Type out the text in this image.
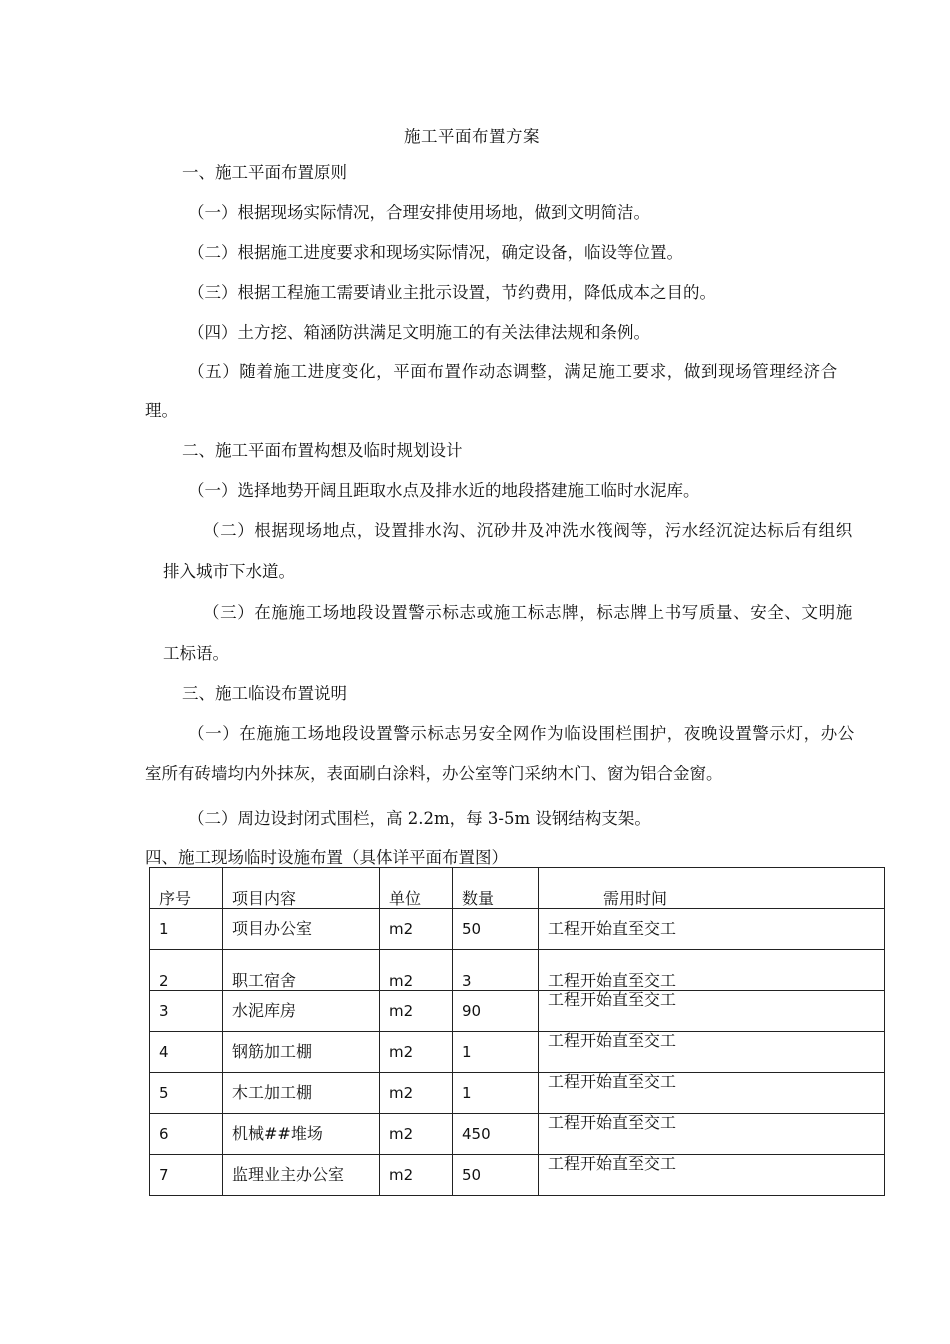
施工平面布置方案
一、施工平面布置原则
（一）根据现场实际情况，合理安排使用场地，做到文明简洁。
（二）根据施工进度要求和现场实际情况，确定设备，临设等位置。
（三）根据工程施工需要请业主批示设置，节约费用，降低成本之目的。
（四）土方挖、箱涵防洪满足文明施工的有关法律法规和条例。
（五）随着施工进度变化，平面布置作动态调整，满足施工要求，做到现场管理经济合
理。
二、施工平面布置构想及临时规划设计
（一）选择地势开阔且距取水点及排水近的地段搭建施工临时水泥库。
（二）根据现场地点，设置排水沟、沉砂井及冲洗水筏阀等，污水经沉淀达标后有组织
排入城市下水道。
（三）在施施工场地段设置警示标志或施工标志牌，标志牌上书写质量、安全、文明施
工标语。
三、施工临设布置说明
（一）在施施工场地段设置警示标志另安全网作为临设围栏围护，夜晚设置警示灯，办公
室所有砖墙均内外抹灰，表面刷白涂料，办公室等门采纳木门、窗为铝合金窗。
（二）周边设封闭式围栏，高 2.2m，每 3-5m 设钢结构支架。
四、施工现场临时设施布置（具体详平面布置图）
序号	项目内容	单位	数量	需用时间
1	项目办公室	m2	50	工程开始直至交工
2	职工宿舍	m2	3	工程开始直至交工
3	水泥库房	m2	90	工程开始直至交工
4	钢筋加工棚	m2	1	工程开始直至交工
5	木工加工棚	m2	1	工程开始直至交工
6	机械##堆场	m2	450	工程开始直至交工
7	监理业主办公室	m2	50	工程开始直至交工
